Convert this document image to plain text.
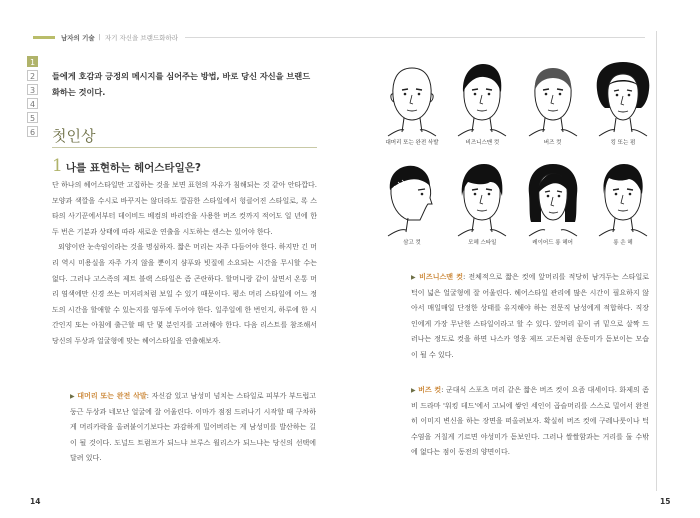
남자의 기술 | 자기 자신을 브랜드화하라
1
2
3
4
5
6
들에게 호감과 긍정의 메시지를 심어주는 방법, 바로 당신 자신을 브랜드화하는 것이다.
첫인상
1 나를 표현하는 헤어스타일은?

단 하나의 헤어스타일만 고집하는 것을 보면 표현의 자유가 침해되는 것 같아 안타깝다. 모양과 색깔을 수시로 바꾸지는 않더라도 깔끔한 스타일에서 헝클어진 스타일로, 록 스타의 사기꾼에서부터 데이비드 베컴의 바리칸을 사용한 버즈 컷까지 적어도 일 년에 한두 번은 기분과 상태에 따라 새로운 연출을 시도하는 센스는 있어야 한다.

외양이란 눈속임이라는 것을 명심하자. 짧은 머리는 자주 다듬어야 한다. 하지만 긴 머리 역시 미용실을 자주 가지 않을 뿐이지 샴푸와 빗질에 소요되는 시간을 무시할 수는 없다. 그러나 고스족의 제트 블랙 스타일은 좀 곤란하다. 할머니랑 같이 살면서 온통 머리 염색에만 신경 쓰는 머저리처럼 보일 수 있기 때문이다. 평소 머리 스타일에 어느 정도의 시간을 할애할 수 있는지를 염두에 두어야 한다. 일주일에 한 번인지, 하루에 한 시간인지 또는 아침에 출근할 때 단 몇 분인지를 고려해야 한다. 다음 리스트를 참조해서 당신의 두상과 얼굴형에 맞는 헤어스타일을 연출해보자.

▶ 대머리 또는 완전 삭발: 자신감 있고 남성미 넘치는 스타일로 피부가 부드럽고 둥근 두상과 네모난 얼굴에 잘 어울린다. 이마가 점점 드러나기 시작할 때 구차하게 머리카락을 올려붙이기보다는 과감하게 밀어버리는 게 남성미를 발산하는 길이 될 것이다. 도널드 트럼프가 되느냐 브루스 윌리스가 되느냐는 당신의 선택에 달려 있다.
14
대머리 또는 완전 삭발	비즈니스맨 컷	버즈 컷	킹 또는 펌
삼고 컷	모헤 스타일	레이어드 롱 헤어	롱 은 헤
▶ 비즈니스맨 컷: 전체적으로 짧은 컷에 앞머리를 적당히 남겨두는 스타일로 턱이 넓은 얼굴형에 잘 어울린다. 헤어스타일 관리에 많은 시간이 필요하지 않아서 매일매일 단정한 상태를 유지해야 하는 전문직 남성에게 적합하다. 직장인에게 가장 무난한 스타일이라고 할 수 있다. 앞머리 끝이 귀 밑으로 살짝 드러나는 정도로 컷을 하면 나스카 영웅 제프 고든처럼 운동미가 돋보이는 모습이 될 수 있다.
▶ 버즈 컷: 군대식 스포츠 머리 같은 짧은 버즈 컷이 요즘 대세이다. 화제의 좀비 드라마 '워킹 데드'에서 고뇌에 쌓인 세인이 곱슬머리를 스스로 밀어서 완전히 이미지 변신을 하는 장면을 떠올려보자. 확실히 버즈 컷에 구레나룻이나 턱수염을 거칠게 기르면 야성미가 돋보인다. 그러나 쌀쌀함과는 거리를 둘 수밖에 없다는 점이 동전의 양면이다.
15
